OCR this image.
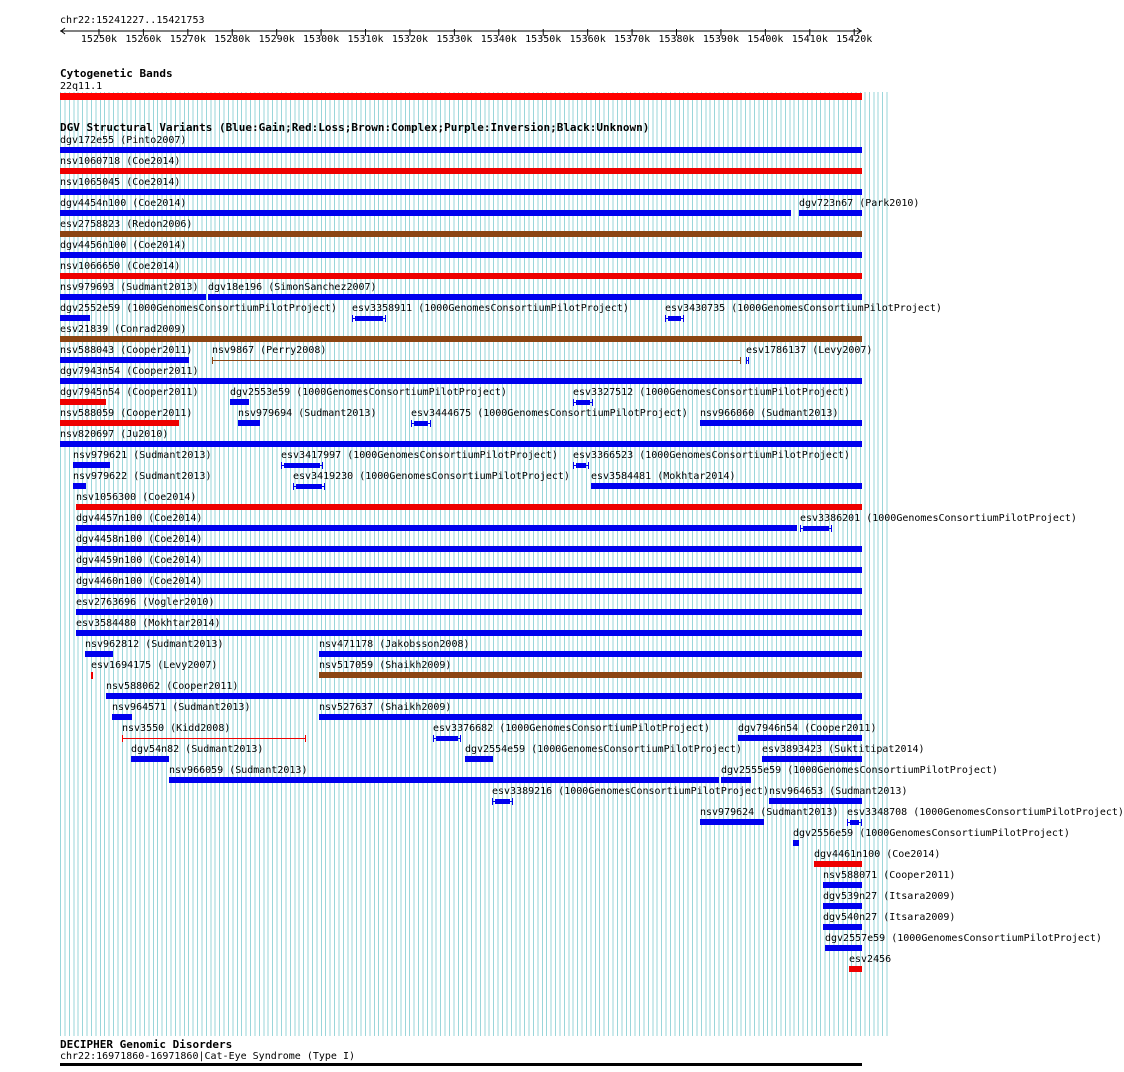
chr22:15241227..15421753
15250k 15260k 15270k 15280k 15290k 15300k 15310k 15320k 15330k 15340k 15350k 15360k 15370k 15380k 15390k 15400k 15410k 15420k
Cytogenetic Bands
22q11.1
DGV Structural Variants (Blue:Gain;Red:Loss;Brown:Complex;Purple:Inversion;Black:Unknown)
dgv172e55 (Pinto2007)
nsv1060718 (Coe2014)
nsv1065045 (Coe2014)
dgv4454n100 (Coe2014)	dgv723n67 (Park2010)
esv2758823 (Redon2006)
dgv4456n100 (Coe2014)
nsv1066650 (Coe2014)
nsv979693 (Sudmant2013) dgv18e196 (SimonSanchez2007)
dgv2552e59 (1000GenomesConsortiumPilotProject) esv3358911 (1000GenomesConsortiumPilotProject)	esv3430735 (1000GenomesConsortiumPilotProject)
esv21839 (Conrad2009)
nsv588043 (Cooper2011) nsv9867 (Perry2008)	esv1786137 (Levy2007)
dgv7943n54 (Cooper2011)
dgv7945n54 (Cooper2011)	dgv2553e59 (1000GenomesConsortiumPilotProject)	esv3327512 (1000GenomesConsortiumPilotProject)
nsv588059 (Cooper2011)	nsv979694 (Sudmant2013)	esv3444675 (1000GenomesConsortiumPilotProject) nsv966060 (Sudmant2013)
nsv820697 (Ju2010)
nsv979621 (Sudmant2013)	esv3417997 (1000GenomesConsortiumPilotProject) esv3366523 (1000GenomesConsortiumPilotProject)
nsv979622 (Sudmant2013)	esv3419230 (1000GenomesConsortiumPilotProject) esv3584481 (Mokhtar2014)
nsv1056300 (Coe2014)
dgv4457n100 (Coe2014)	esv3386201 (1000GenomesConsortiumPilotProject)
dgv4458n100 (Coe2014)
dgv4459n100 (Coe2014)
dgv4460n100 (Coe2014)
esv2763696 (Vogler2010)
esv3584480 (Mokhtar2014)
nsv962812 (Sudmant2013)	nsv471178 (Jakobsson2008)
esv1694175 (Levy2007)	nsv517059 (Shaikh2009)
nsv588062 (Cooper2011)
nsv964571 (Sudmant2013)	nsv527637 (Shaikh2009)
nsv3550 (Kidd2008)	esv3376682 (1000GenomesConsortiumPilotProject)	dgv7946n54 (Cooper2011)
dgv54n82 (Sudmant2013)	dgv2554e59 (1000GenomesConsortiumPilotProject) esv3893423 (Suktitipat2014)
nsv966059 (Sudmant2013)	dgv2555e59 (1000GenomesConsortiumPilotProject)
esv3389216 (1000GenomesConsortiumPilotProject) nsv964653 (Sudmant2013)
nsv979624 (Sudmant2013) esv3348708 (1000GenomesConsortiumPilotProject)
dgv2556e59 (1000GenomesConsortiumPilotProject)
dgv4461n100 (Coe2014)
nsv588071 (Cooper2011)
dgv539n27 (Itsara2009)
dgv540n27 (Itsara2009)
dgv2557e59 (1000GenomesConsortiumPilotProject)
esv2456
DECIPHER Genomic Disorders
chr22:16971860-16971860|Cat-Eye Syndrome (Type I)
